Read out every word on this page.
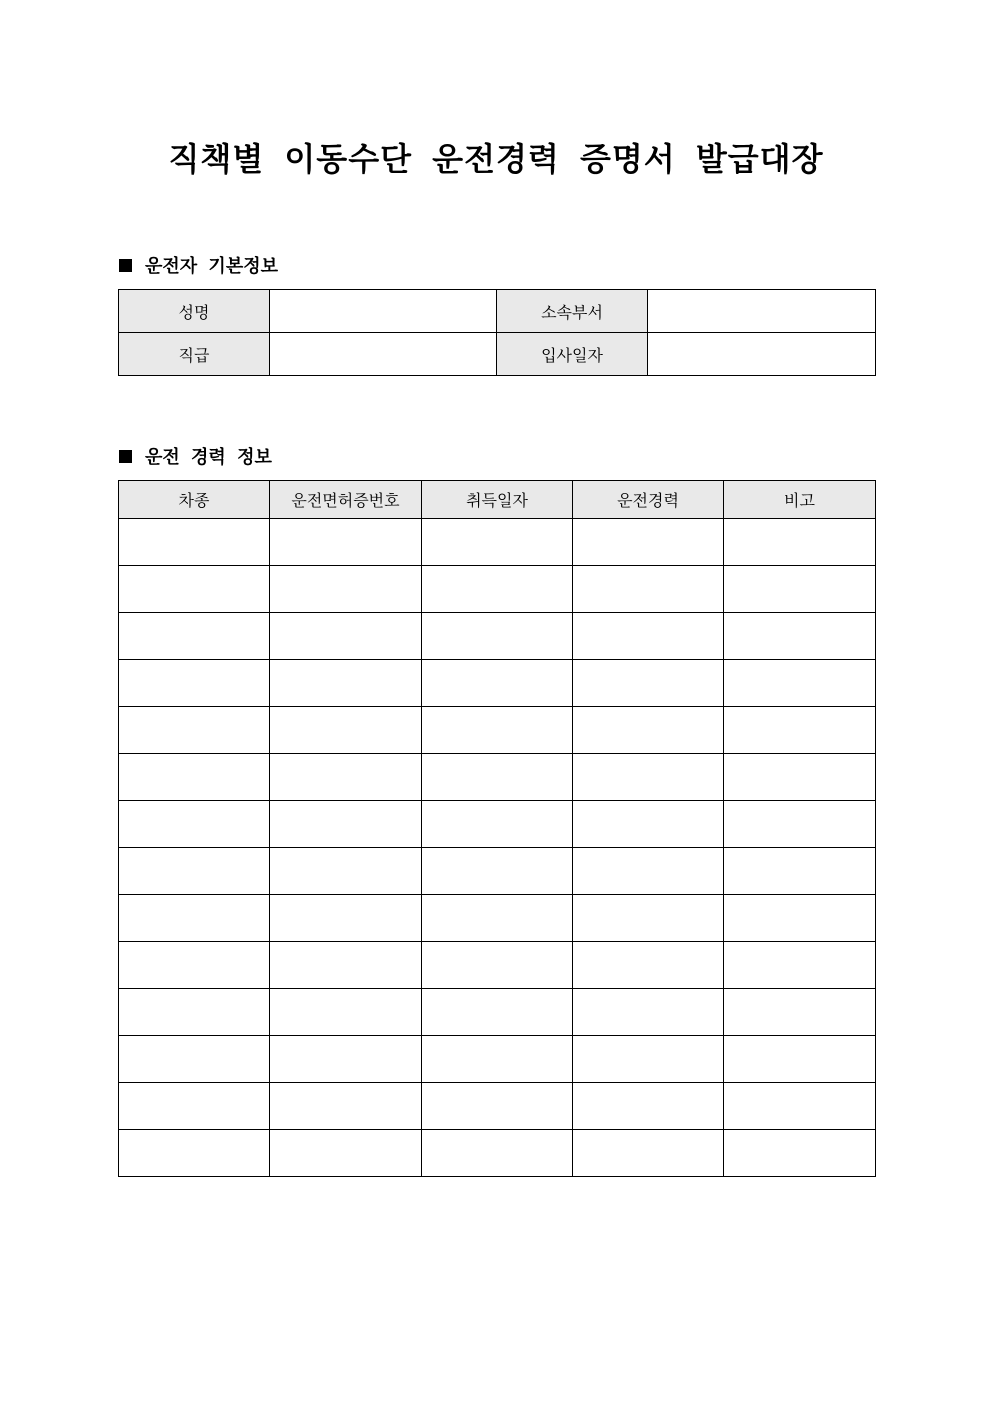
직책별 이동수단 운전경력 증명서 발급대장
운전자 기본정보
성명		소속부서	
직급		입사일자	
운전 경력 정보
차종	운전면허증번호	취득일자	운전경력	비고
